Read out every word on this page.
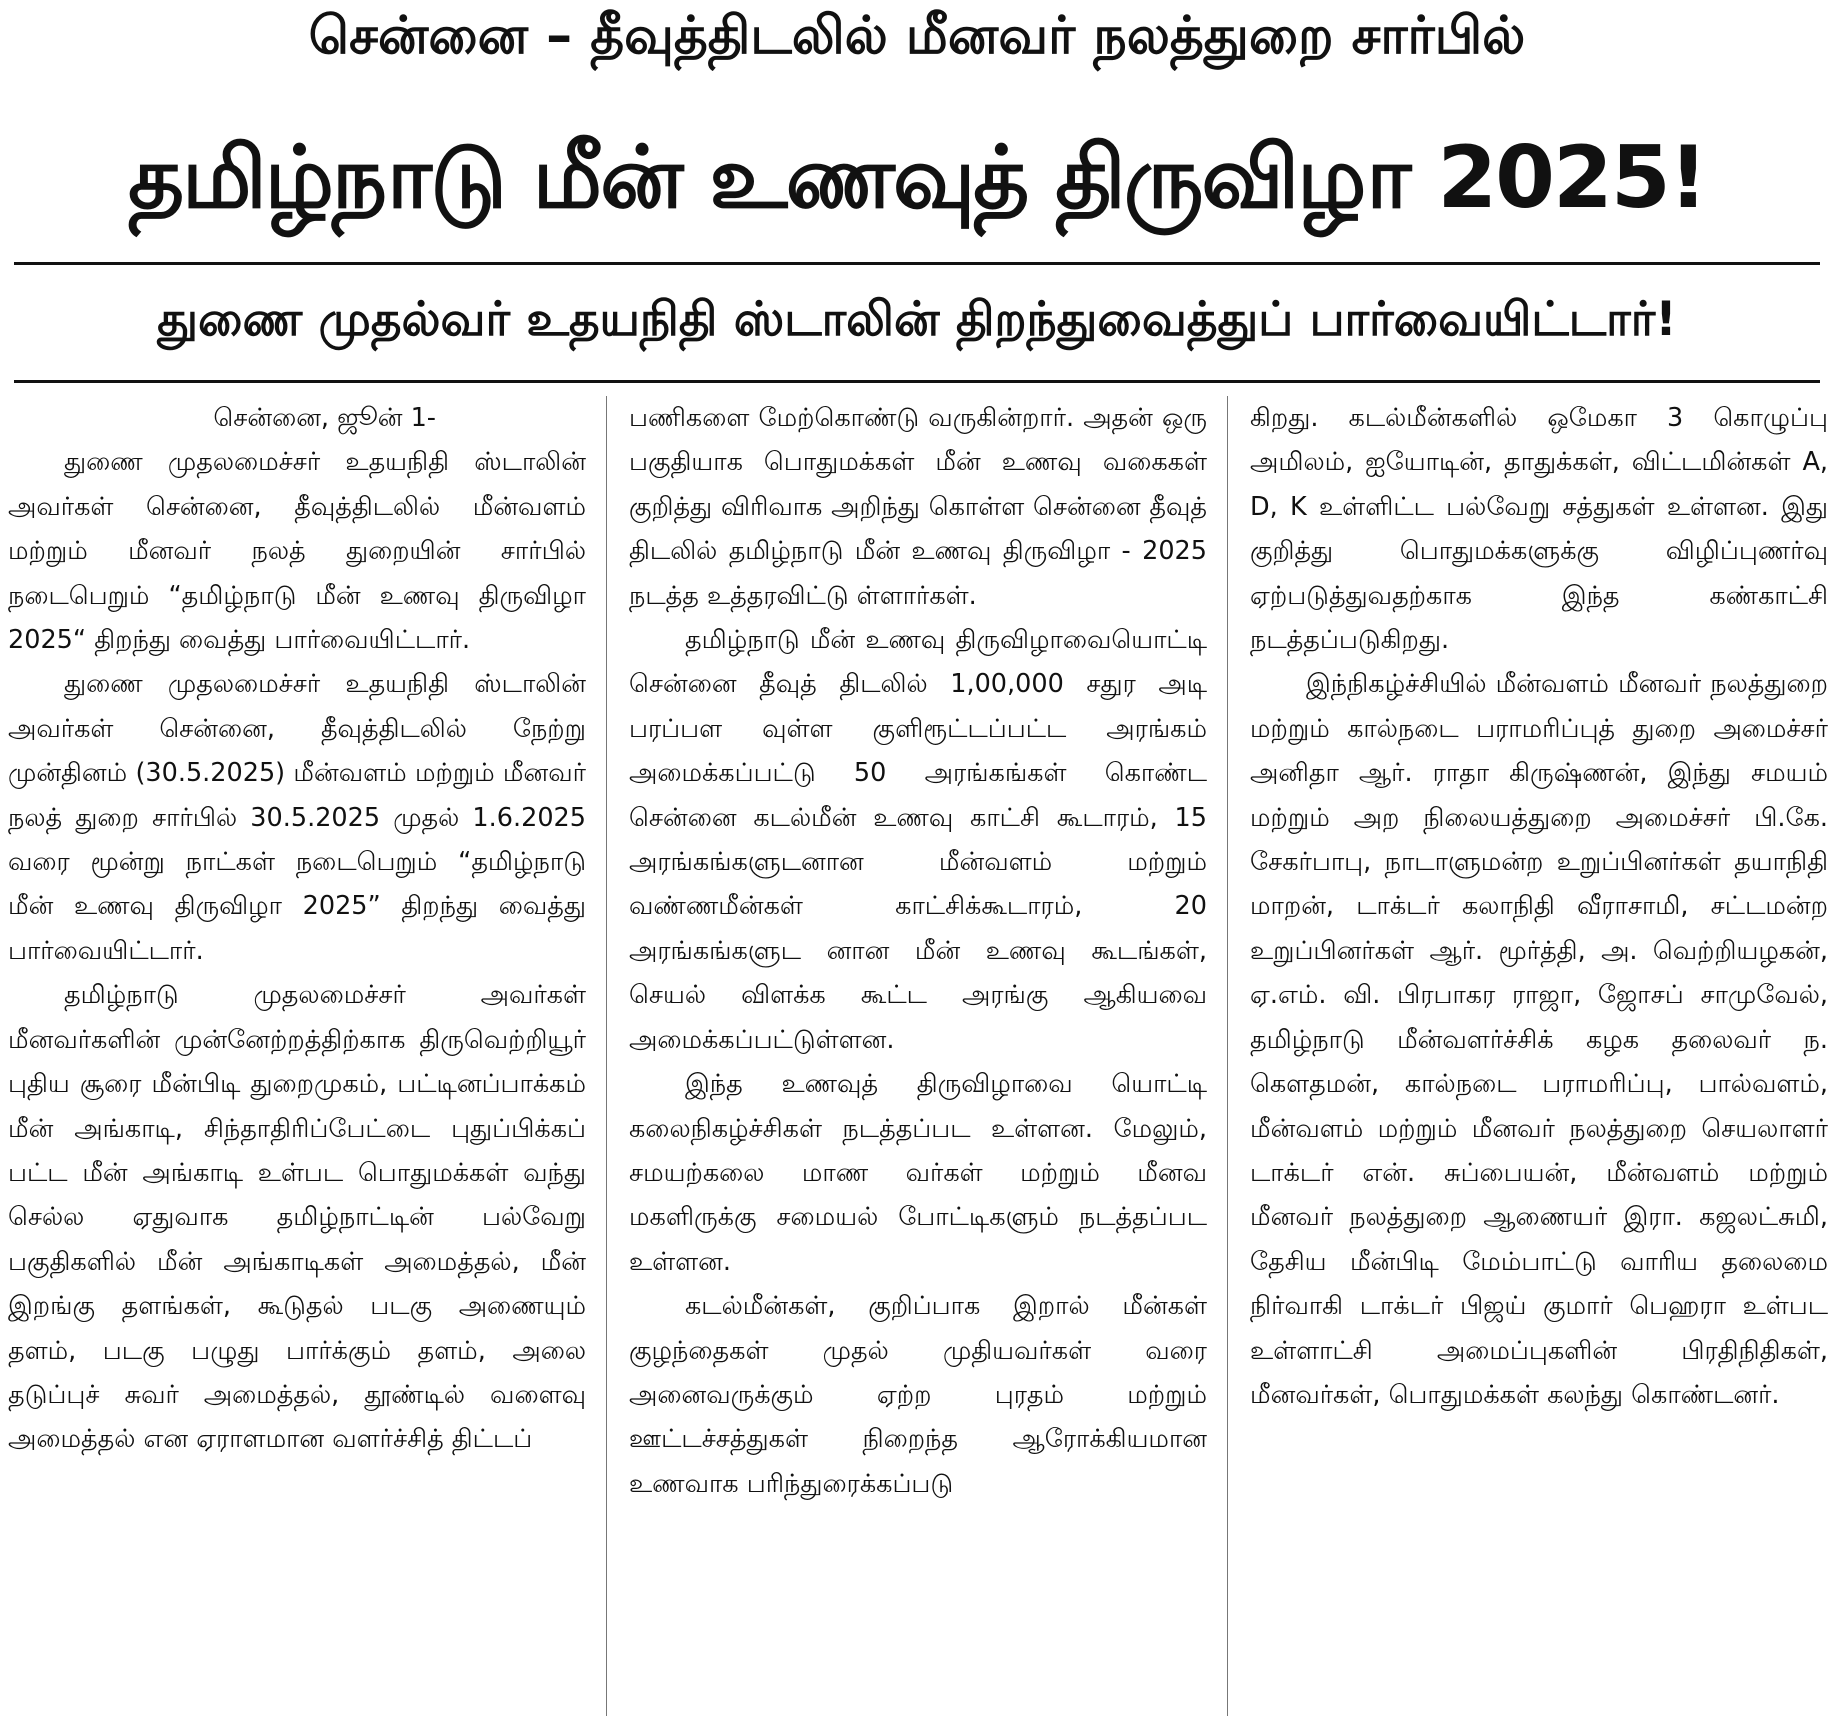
சென்னை – தீவுத்திடலில் மீனவர் நலத்துறை சார்பில்
தமிழ்நாடு மீன் உணவுத் திருவிழா 2025!
துணை முதல்வர் உதயநிதி ஸ்டாலின் திறந்துவைத்துப் பார்வையிட்டார்!

சென்னை, ஜூன் 1-

துணை முதலமைச்சர் உதயநிதி ஸ்டாலின் அவர்கள் சென்னை, தீவுத்திடலில் மீன்வளம் மற்றும் மீனவர் நலத் துறையின் சார்பில் நடைபெறும் “தமிழ்நாடு மீன் உணவு திருவிழா 2025“ திறந்து வைத்து பார்வையிட்டார்.

துணை முதலமைச்சர் உதயநிதி ஸ்டாலின் அவர்கள் சென்னை, தீவுத்திடலில் நேற்று முன்தினம் (30.5.2025) மீன்வளம் மற்றும் மீனவர் நலத் துறை சார்பில் 30.5.2025 முதல் 1.6.2025 வரை மூன்று நாட்கள் நடைபெறும் “தமிழ்நாடு மீன் உணவு திருவிழா 2025” திறந்து வைத்து பார்வையிட்டார்.

தமிழ்நாடு முதலமைச்சர் அவர்கள் மீனவர்களின் முன்னேற்றத்திற்காக திருவெற்றியூர் புதிய சூரை மீன்பிடி துறைமுகம், பட்டினப்பாக்கம் மீன் அங்காடி, சிந்தாதிரிப்பேட்டை புதுப்பிக்கப் பட்ட மீன் அங்காடி உள்பட பொதுமக்கள் வந்து செல்ல ஏதுவாக தமிழ்நாட்டின் பல்வேறு பகுதிகளில் மீன் அங்காடிகள் அமைத்தல், மீன் இறங்கு தளங்கள், கூடுதல் படகு அணையும் தளம், படகு பழுது பார்க்கும் தளம், அலை தடுப்புச் சுவர் அமைத்தல், தூண்டில் வளைவு அமைத்தல் என ஏராளமான வளர்ச்சித் திட்டப்

பணிகளை மேற்கொண்டு வருகின்றார். அதன் ஒரு பகுதியாக பொதுமக்கள் மீன் உணவு வகைகள் குறித்து விரிவாக அறிந்து கொள்ள சென்னை தீவுத் திடலில் தமிழ்நாடு மீன் உணவு திருவிழா - 2025 நடத்த உத்தரவிட்டு ள்ளார்கள்.

தமிழ்நாடு மீன் உணவு திருவிழாவையொட்டி சென்னை தீவுத் திடலில் 1,00,000 சதுர அடி பரப்பள வுள்ள குளிரூட்டப்பட்ட அரங்கம் அமைக்கப்பட்டு 50 அரங்கங்கள் கொண்ட சென்னை கடல்மீன் உணவு காட்சி கூடாரம், 15 அரங்கங்களுடனான மீன்வளம் மற்றும் வண்ணமீன்கள் காட்சிக்கூடாரம், 20 அரங்கங்களுட னான மீன் உணவு கூடங்கள், செயல் விளக்க கூட்ட அரங்கு ஆகியவை அமைக்கப்பட்டுள்ளன.

இந்த உணவுத் திருவிழாவை யொட்டி கலைநிகழ்ச்சிகள் நடத்தப்பட உள்ளன. மேலும், சமயற்கலை மாண வர்கள் மற்றும் மீனவ மகளிருக்கு சமையல் போட்டிகளும் நடத்தப்பட உள்ளன.

கடல்மீன்கள், குறிப்பாக இறால் மீன்கள் குழந்தைகள் முதல் முதியவர்கள் வரை அனைவருக்கும் ஏற்ற புரதம் மற்றும் ஊட்டச்சத்துகள் நிறைந்த ஆரோக்கியமான உணவாக பரிந்துரைக்கப்படு

கிறது. கடல்மீன்களில் ஒமேகா 3 கொழுப்பு அமிலம், ஐயோடின், தாதுக்கள், விட்டமின்கள் A, D, K உள்ளிட்ட பல்வேறு சத்துகள் உள்ளன. இது குறித்து பொதுமக்களுக்கு விழிப்புணர்வு ஏற்படுத்துவதற்காக இந்த கண்காட்சி நடத்தப்படுகிறது.

இந்நிகழ்ச்சியில் மீன்வளம் மீனவர் நலத்துறை மற்றும் கால்நடை பராமரிப்புத் துறை அமைச்சர் அனிதா ஆர். ராதா கிருஷ்ணன், இந்து சமயம் மற்றும் அற நிலையத்துறை அமைச்சர் பி.கே. சேகர்பாபு, நாடாளுமன்ற உறுப்பினர்கள் தயாநிதி மாறன், டாக்டர் கலாநிதி வீராசாமி, சட்டமன்ற உறுப்பினர்கள் ஆர். மூர்த்தி, அ. வெற்றியழகன், ஏ.எம். வி. பிரபாகர ராஜா, ஜோசப் சாமுவேல், தமிழ்நாடு மீன்வளர்ச்சிக் கழக தலைவர் ந. கௌதமன், கால்நடை பராமரிப்பு, பால்வளம், மீன்வளம் மற்றும் மீனவர் நலத்துறை செயலாளர் டாக்டர் என். சுப்பையன், மீன்வளம் மற்றும் மீனவர் நலத்துறை ஆணையர் இரா. கஜலட்சுமி, தேசிய மீன்பிடி மேம்பாட்டு வாரிய தலைமை நிர்வாகி டாக்டர் பிஜய் குமார் பெஹரா உள்பட உள்ளாட்சி அமைப்புகளின் பிரதிநிதிகள், மீனவர்கள், பொதுமக்கள் கலந்து கொண்டனர்.
